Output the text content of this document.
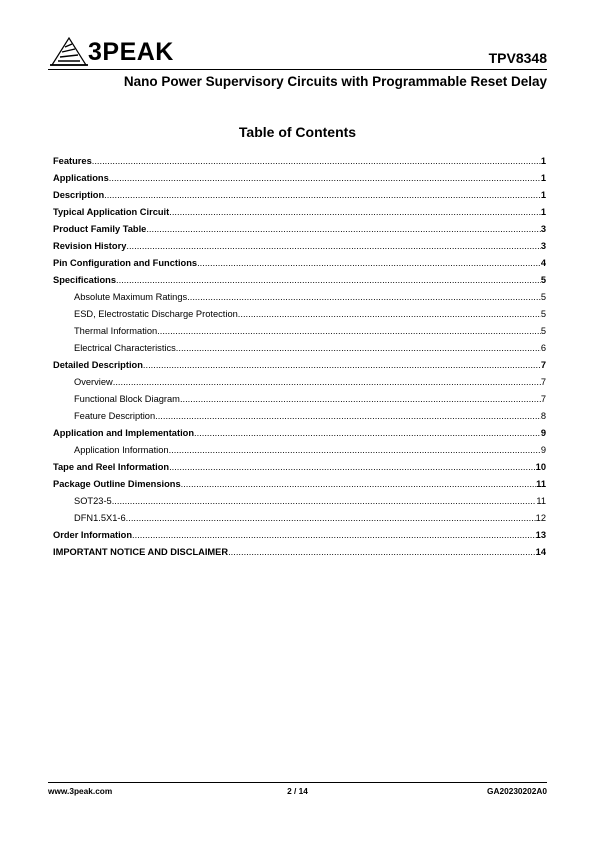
3PEAK	TPV8348
Nano Power Supervisory Circuits with Programmable Reset Delay
Table of Contents
Features .....	1
Applications .....	1
Description .....	1
Typical Application Circuit .....	1
Product Family Table .....	3
Revision History .....	3
Pin Configuration and Functions .....	4
Specifications .....	5
Absolute Maximum Ratings .....	5
ESD, Electrostatic Discharge Protection .....	5
Thermal Information .....	5
Electrical Characteristics .....	6
Detailed Description .....	7
Overview .....	7
Functional Block Diagram .....	7
Feature Description .....	8
Application and Implementation .....	9
Application Information .....	9
Tape and Reel Information .....	10
Package Outline Dimensions .....	11
SOT23-5 .....	11
DFN1.5X1-6 .....	12
Order Information .....	13
IMPORTANT NOTICE AND DISCLAIMER .....	14
www.3peak.com	2 / 14	GA20230202A0
